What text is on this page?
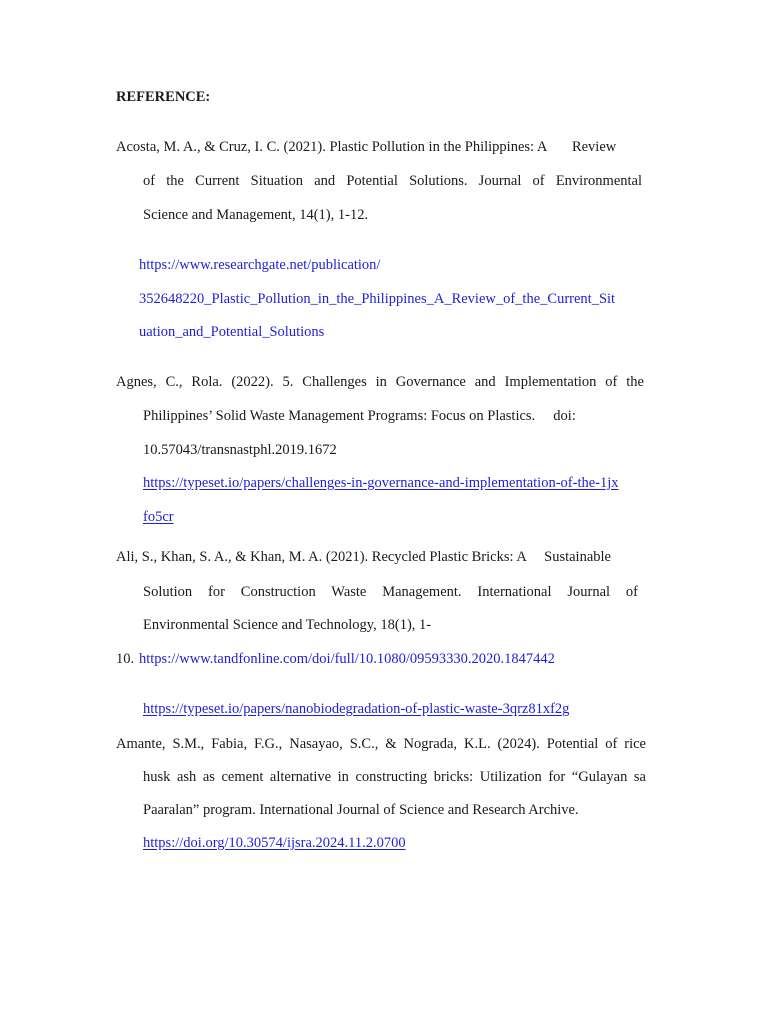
REFERENCE:
Acosta, M. A., & Cruz, I. C. (2021). Plastic Pollution in the Philippines: A       Review
of the Current Situation and Potential Solutions. Journal of Environmental
Science and Management, 14(1), 1-12.
https://www.researchgate.net/publication/
352648220_Plastic_Pollution_in_the_Philippines_A_Review_of_the_Current_Sit
uation_and_Potential_Solutions
Agnes, C., Rola. (2022). 5. Challenges in Governance and Implementation of the
Philippines’ Solid Waste Management Programs: Focus on Plastics.     doi:
10.57043/transnastphl.2019.1672
https://typeset.io/papers/challenges-in-governance-and-implementation-of-the-1jx
fo5cr
Ali, S., Khan, S. A., & Khan, M. A. (2021). Recycled Plastic Bricks: A     Sustainable
Solution for Construction Waste Management. International Journal of
Environmental Science and Technology, 18(1), 1-
10. https://www.tandfonline.com/doi/full/10.1080/09593330.2020.1847442
https://typeset.io/papers/nanobiodegradation-of-plastic-waste-3qrz81xf2g
Amante, S.M., Fabia, F.G., Nasayao, S.C., & Nograda, K.L. (2024). Potential of rice
husk ash as cement alternative in constructing bricks: Utilization for “Gulayan sa
Paaralan” program. International Journal of Science and Research Archive.
https://doi.org/10.30574/ijsra.2024.11.2.0700
